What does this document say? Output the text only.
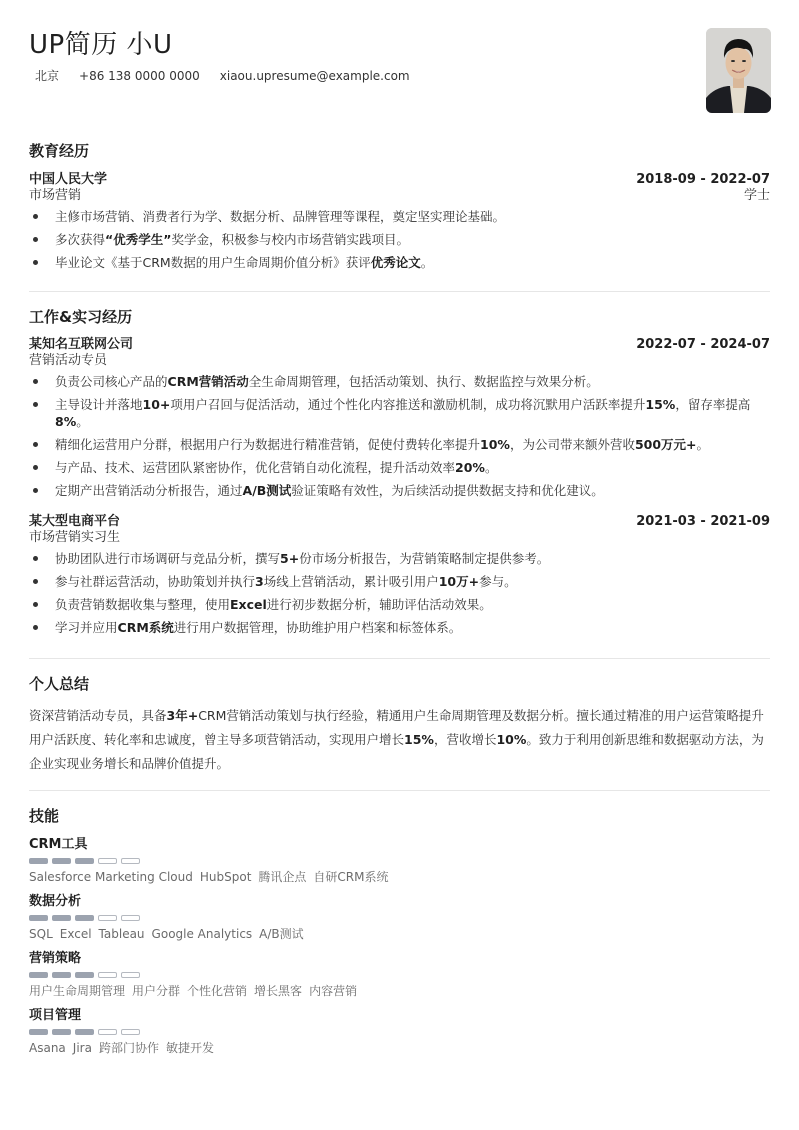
UP简历 小U
北京 +86 138 0000 0000 xiaou.upresume@example.com
教育经历
中国人民大学	2018-09 - 2022-07
市场营销	学士
主修市场营销、消费者行为学、数据分析、品牌管理等课程，奠定坚实理论基础。
多次获得“优秀学生”奖学金，积极参与校内市场营销实践项目。
毕业论文《基于CRM数据的用户生命周期价值分析》获评优秀论文。
工作&实习经历
某知名互联网公司	2022-07 - 2024-07
营销活动专员
负责公司核心产品的CRM营销活动全生命周期管理，包括活动策划、执行、数据监控与效果分析。
主导设计并落地10+项用户召回与促活活动，通过个性化内容推送和激励机制，成功将沉默用户活跃率提升15%，留存率提高8%。
精细化运营用户分群，根据用户行为数据进行精准营销，促使付费转化率提升10%，为公司带来额外营收500万元+。
与产品、技术、运营团队紧密协作，优化营销自动化流程，提升活动效率20%。
定期产出营销活动分析报告，通过A/B测试验证策略有效性，为后续活动提供数据支持和优化建议。
某大型电商平台	2021-03 - 2021-09
市场营销实习生
协助团队进行市场调研与竞品分析，撰写5+份市场分析报告，为营销策略制定提供参考。
参与社群运营活动，协助策划并执行3场线上营销活动，累计吸引用户10万+参与。
负责营销数据收集与整理，使用Excel进行初步数据分析，辅助评估活动效果。
学习并应用CRM系统进行用户数据管理，协助维护用户档案和标签体系。
个人总结
资深营销活动专员，具备3年+CRM营销活动策划与执行经验，精通用户生命周期管理及数据分析。擅长通过精准的用户运营策略提升用户活跃度、转化率和忠诚度，曾主导多项营销活动，实现用户增长15%，营收增长10%。致力于利用创新思维和数据驱动方法，为企业实现业务增长和品牌价值提升。
技能
CRM工具
Salesforce Marketing Cloud HubSpot 腾讯企点 自研CRM系统
数据分析
SQL Excel Tableau Google Analytics A/B测试
营销策略
用户生命周期管理 用户分群 个性化营销 增长黑客 内容营销
项目管理
Asana Jira 跨部门协作 敏捷开发
